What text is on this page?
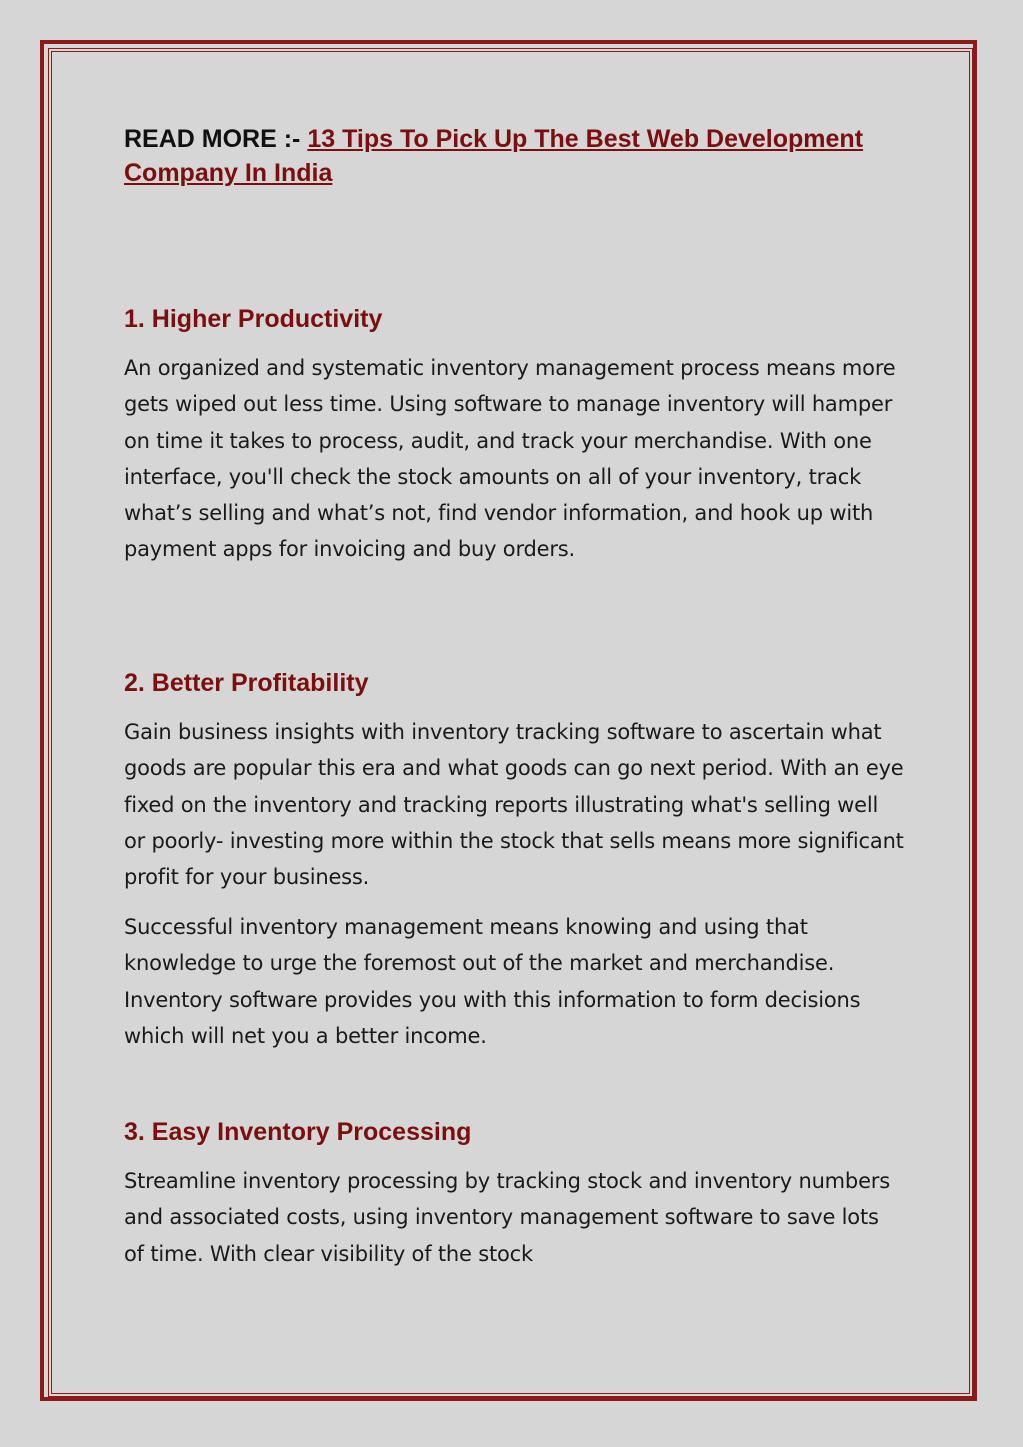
READ MORE :- 13 Tips To Pick Up The Best Web Development Company In India

1. Higher Productivity

An organized and systematic inventory management process means more gets wiped out less time. Using software to manage inventory will hamper on time it takes to process, audit, and track your merchandise. With one interface, you'll check the stock amounts on all of your inventory, track what’s selling and what’s not, find vendor information, and hook up with payment apps for invoicing and buy orders.

2. Better Profitability

Gain business insights with inventory tracking software to ascertain what goods are popular this era and what goods can go next period. With an eye fixed on the inventory and tracking reports illustrating what's selling well or poorly- investing more within the stock that sells means more significant profit for your business.

Successful inventory management means knowing and using that knowledge to urge the foremost out of the market and merchandise. Inventory software provides you with this information to form decisions which will net you a better income.

3. Easy Inventory Processing

Streamline inventory processing by tracking stock and inventory numbers and associated costs, using inventory management software to save lots of time. With clear visibility of the stock
